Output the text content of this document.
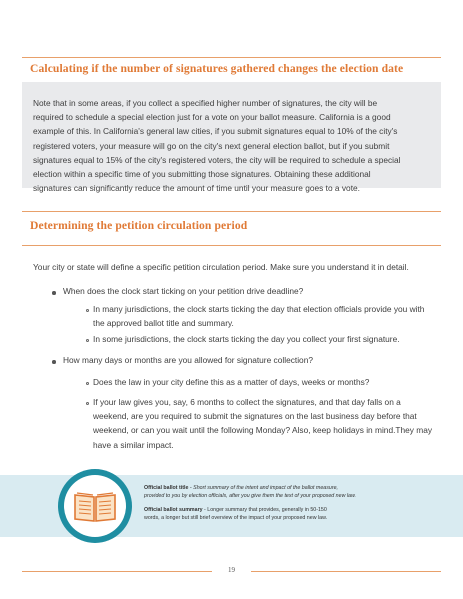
Calculating if the number of signatures gathered changes the election date

Note that in some areas, if you collect a specified higher number of signatures, the city will be required to schedule a special election just for a vote on your ballot measure. California is a good example of this. In California's general law cities, if you submit signatures equal to 10% of the city's registered voters, your measure will go on the city's next general election ballot, but if you submit signatures equal to 15% of the city's registered voters, the city will be required to schedule a special election within a specific time of you submitting those signatures. Obtaining these additional signatures can significantly reduce the amount of time until your measure goes to a vote.

Determining the petition circulation period
Your city or state will define a specific petition circulation period. Make sure you understand it in detail.
When does the clock start ticking on your petition drive deadline?
In many jurisdictions, the clock starts ticking the day that election officials provide you with the approved ballot title and summary.
In some jurisdictions, the clock starts ticking the day you collect your first signature.
How many days or months are you allowed for signature collection?
Does the law in your city define this as a matter of days, weeks or months?
If your law gives you, say, 6 months to collect the signatures, and that day falls on a weekend, are you required to submit the signatures on the last business day before that weekend, or can you wait until the following Monday? Also, keep holidays in mind.They may have a similar impact.
Official ballot title - Short summary of the intent and impact of the ballot measure,
provided to you by election officials, after you give them the text of your proposed new law.
Official ballot summary - Longer summary that provides, generally in 50-150
words, a longer but still brief overview of the impact of your proposed new law.
19
